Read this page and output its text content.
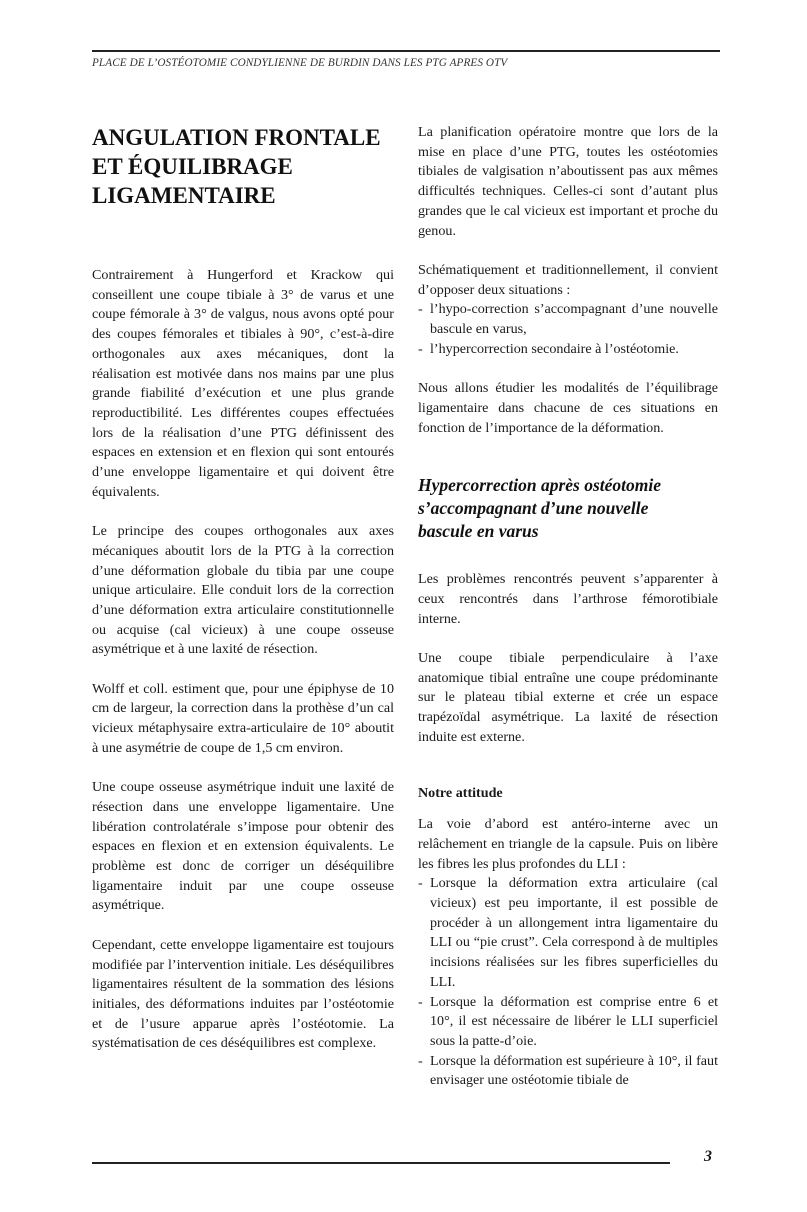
PLACE DE L’OSTÉOTOMIE CONDYLIENNE DE BURDIN DANS LES PTG APRES OTV
ANGULATION FRONTALE
ET ÉQUILIBRAGE
LIGAMENTAIRE

Contrairement à Hungerford et Krackow qui conseillent une coupe tibiale à 3° de varus et une coupe fémorale à 3° de valgus, nous avons opté pour des coupes fémorales et tibiales à 90°, c’est-à-dire orthogonales aux axes mécaniques, dont la réalisation est motivée dans nos mains par une plus grande fiabilité d’exécution et une plus grande reproductibilité. Les différentes coupes effectuées lors de la réalisation d’une PTG définissent des espaces en extension et en flexion qui sont entourés d’une enveloppe ligamentaire et qui doivent être équivalents.

Le principe des coupes orthogonales aux axes mécaniques aboutit lors de la PTG à la correction d’une déformation globale du tibia par une coupe unique articulaire. Elle conduit lors de la correction d’une déformation extra articulaire constitutionnelle ou acquise (cal vicieux) à une coupe osseuse asymétrique et à une laxité de résection.

Wolff et coll. estiment que, pour une épiphyse de 10 cm de largeur, la correction dans la prothèse d’un cal vicieux métaphysaire extra-articulaire de 10° aboutit à une asymétrie de coupe de 1,5 cm environ.

Une coupe osseuse asymétrique induit une laxité de résection dans une enveloppe ligamentaire. Une libération controlatérale s’impose pour obtenir des espaces en flexion et en extension équivalents. Le problème est donc de corriger un déséquilibre ligamentaire induit par une coupe osseuse asymétrique.

Cependant, cette enveloppe ligamentaire est toujours modifiée par l’intervention initiale. Les déséquilibres ligamentaires résultent de la sommation des lésions initiales, des déformations induites par l’ostéotomie et de l’usure apparue après l’ostéotomie. La systématisation de ces déséquilibres est complexe.

La planification opératoire montre que lors de la mise en place d’une PTG, toutes les ostéotomies tibiales de valgisation n’aboutissent pas aux mêmes difficultés techniques. Celles-ci sont d’autant plus grandes que le cal vicieux est important et proche du genou.

Schématiquement et traditionnellement, il convient d’opposer deux situations :

- l’hypo-correction s’accompagnant d’une nouvelle bascule en varus,
- l’hypercorrection secondaire à l’ostéotomie.

Nous allons étudier les modalités de l’équilibrage ligamentaire dans chacune de ces situations en fonction de l’importance de la déformation.

Hypercorrection après ostéotomie
s’accompagnant d’une nouvelle
bascule en varus

Les problèmes rencontrés peuvent s’apparenter à ceux rencontrés dans l’arthrose fémorotibiale interne.

Une coupe tibiale perpendiculaire à l’axe anatomique tibial entraîne une coupe prédominante sur le plateau tibial externe et crée un espace trapézoïdal asymétrique. La laxité de résection induite est externe.

Notre attitude

La voie d’abord est antéro-interne avec un relâchement en triangle de la capsule. Puis on libère les fibres les plus profondes du LLI :

- Lorsque la déformation extra articulaire (cal vicieux) est peu importante, il est possible de procéder à un allongement intra ligamentaire du LLI ou “pie crust”. Cela correspond à de multiples incisions réalisées sur les fibres superficielles du LLI.
- Lorsque la déformation est comprise entre 6 et 10°, il est nécessaire de libérer le LLI superficiel sous la patte-d’oie.
- Lorsque la déformation est supérieure à 10°, il faut envisager une ostéotomie tibiale de
3
